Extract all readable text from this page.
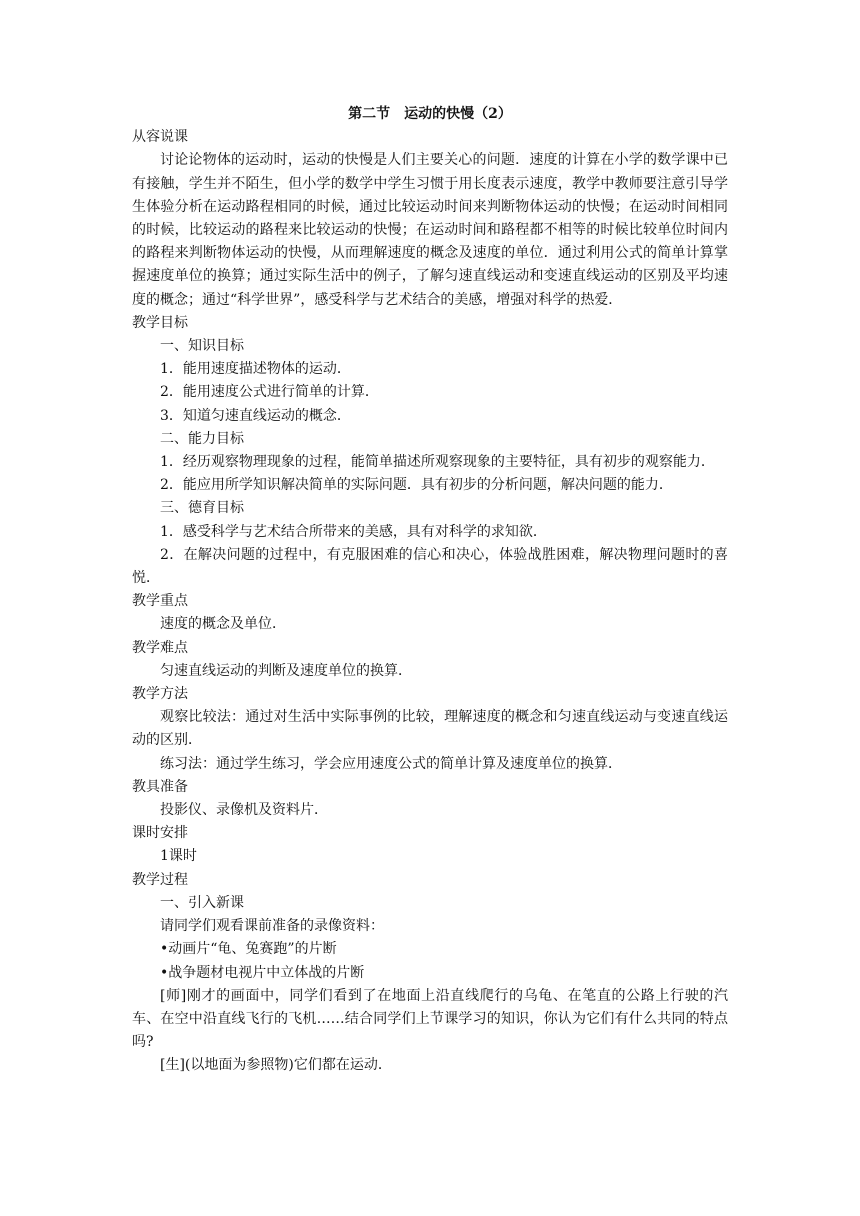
第二节 运动的快慢（2）
从容说课
讨论论物体的运动时，运动的快慢是人们主要关心的问题．速度的计算在小学的数学课中已有接触，学生并不陌生，但小学的数学中学生习惯于用长度表示速度，教学中教师要注意引导学生体验分析在运动路程相同的时候，通过比较运动时间来判断物体运动的快慢；在运动时间相同的时候，比较运动的路程来比较运动的快慢；在运动时间和路程都不相等的时候比较单位时间内的路程来判断物体运动的快慢，从而理解速度的概念及速度的单位．通过利用公式的简单计算掌握速度单位的换算；通过实际生活中的例子，了解匀速直线运动和变速直线运动的区别及平均速度的概念；通过“科学世界”，感受科学与艺术结合的美感，增强对科学的热爱．
教学目标
一、知识目标
1．能用速度描述物体的运动．
2．能用速度公式进行简单的计算．
3．知道匀速直线运动的概念．
二、能力目标
1．经历观察物理现象的过程，能简单描述所观察现象的主要特征，具有初步的观察能力．
2．能应用所学知识解决简单的实际问题．具有初步的分析问题，解决问题的能力．
三、德育目标
1．感受科学与艺术结合所带来的美感，具有对科学的求知欲．
2．在解决问题的过程中，有克服困难的信心和决心，体验战胜困难，解决物理问题时的喜悦．
教学重点
速度的概念及单位．
教学难点
匀速直线运动的判断及速度单位的换算．
教学方法
观察比较法：通过对生活中实际事例的比较，理解速度的概念和匀速直线运动与变速直线运动的区别．
练习法：通过学生练习，学会应用速度公式的简单计算及速度单位的换算．
教具准备
投影仪、录像机及资料片．
课时安排
1课时
教学过程
一、引入新课
请同学们观看课前准备的录像资料：
•动画片“龟、兔赛跑”的片断
•战争题材电视片中立体战的片断
[师]刚才的画面中，同学们看到了在地面上沿直线爬行的乌龟、在笔直的公路上行驶的汽车、在空中沿直线飞行的飞机……结合同学们上节课学习的知识，你认为它们有什么共同的特点吗?
[生](以地面为参照物)它们都在运动．
